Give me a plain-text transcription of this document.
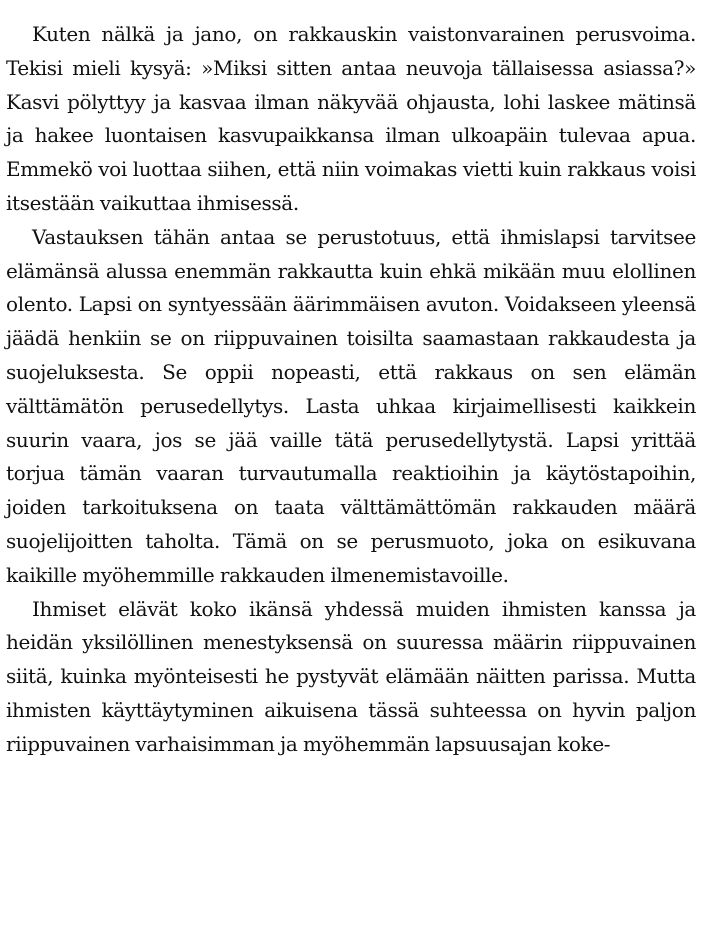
Kuten nälkä ja jano, on rakkauskin vaistonvarainen perusvoima. Tekisi mieli kysyä: »Miksi sitten antaa neuvoja tällaisessa asiassa?» Kasvi pölyttyy ja kasvaa ilman näkyvää ohjausta, lohi laskee mätinsä ja hakee luontaisen kasvupaikkansa ilman ulkoapäin tulevaa apua. Emmekö voi luottaa siihen, että niin voimakas vietti kuin rakkaus voisi itsestään vaikuttaa ihmisessä.

Vastauksen tähän antaa se perustotuus, että ihmislapsi tarvitsee elämänsä alussa enemmän rakkautta kuin ehkä mikään muu elollinen olento. Lapsi on syntyessään äärimmäisen avuton. Voidakseen yleensä jäädä henkiin se on riippuvainen toisilta saamastaan rakkaudesta ja suojeluksesta. Se oppii nopeasti, että rakkaus on sen elämän välttämätön perusedellytys. Lasta uhkaa kirjaimellisesti kaikkein suurin vaara, jos se jää vaille tätä perusedellytystä. Lapsi yrittää torjua tämän vaaran turvautumalla reaktioihin ja käytöstapoihin, joiden tarkoituksena on taata välttämättömän rakkauden määrä suojelijoitten taholta. Tämä on se perusmuoto, joka on esikuvana kaikille myöhemmille rakkauden ilmenemistavoille.

Ihmiset elävät koko ikänsä yhdessä muiden ihmisten kanssa ja heidän yksilöllinen menestyksensä on suuressa määrin riippuvainen siitä, kuinka myönteisesti he pystyvät elämään näitten parissa. Mutta ihmisten käyttäytyminen aikuisena tässä suhteessa on hyvin paljon riippuvainen varhaisimman ja myöhemmän lapsuusajan koke-
